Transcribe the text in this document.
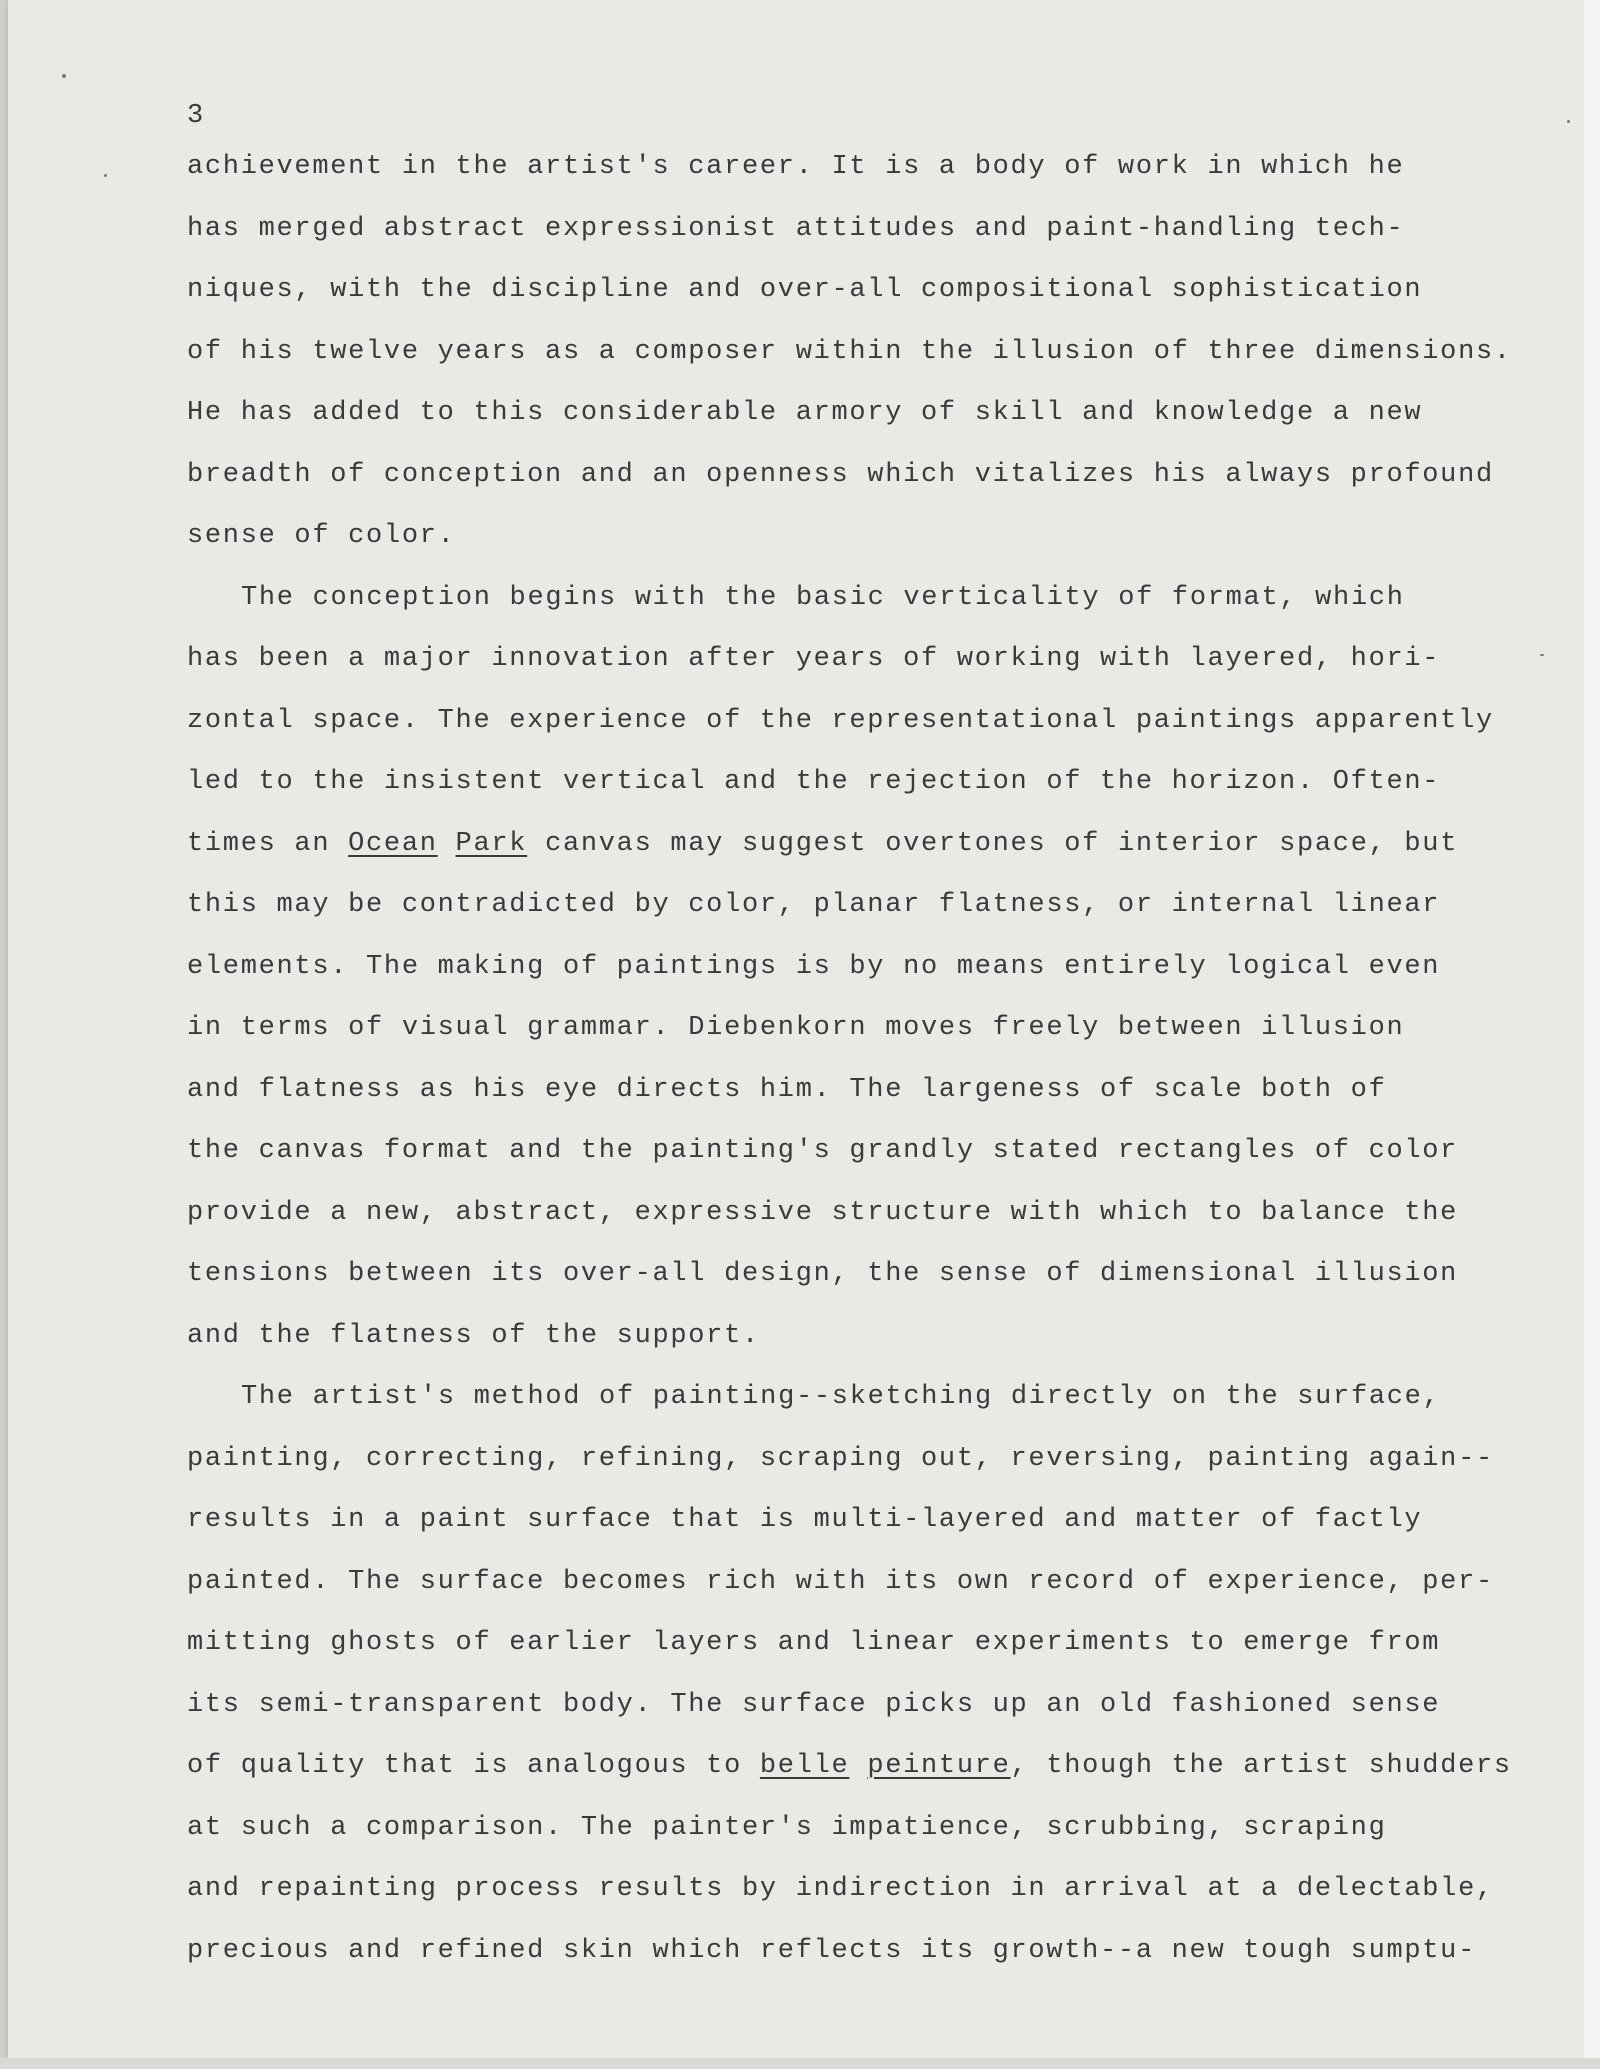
3
achievement in the artist's career. It is a body of work in which he
has merged abstract expressionist attitudes and paint-handling tech-
niques, with the discipline and over-all compositional sophistication
of his twelve years as a composer within the illusion of three dimensions.
He has added to this considerable armory of skill and knowledge a new
breadth of conception and an openness which vitalizes his always profound
sense of color.
The conception begins with the basic verticality of format, which
has been a major innovation after years of working with layered, hori-
zontal space. The experience of the representational paintings apparently
led to the insistent vertical and the rejection of the horizon. Often-
times an Ocean Park canvas may suggest overtones of interior space, but
this may be contradicted by color, planar flatness, or internal linear
elements. The making of paintings is by no means entirely logical even
in terms of visual grammar. Diebenkorn moves freely between illusion
and flatness as his eye directs him. The largeness of scale both of
the canvas format and the painting's grandly stated rectangles of color
provide a new, abstract, expressive structure with which to balance the
tensions between its over-all design, the sense of dimensional illusion
and the flatness of the support.
The artist's method of painting--sketching directly on the surface,
painting, correcting, refining, scraping out, reversing, painting again--
results in a paint surface that is multi-layered and matter of factly
painted. The surface becomes rich with its own record of experience, per-
mitting ghosts of earlier layers and linear experiments to emerge from
its semi-transparent body. The surface picks up an old fashioned sense
of quality that is analogous to belle peinture, though the artist shudders
at such a comparison. The painter's impatience, scrubbing, scraping
and repainting process results by indirection in arrival at a delectable,
precious and refined skin which reflects its growth--a new tough sumptu-
